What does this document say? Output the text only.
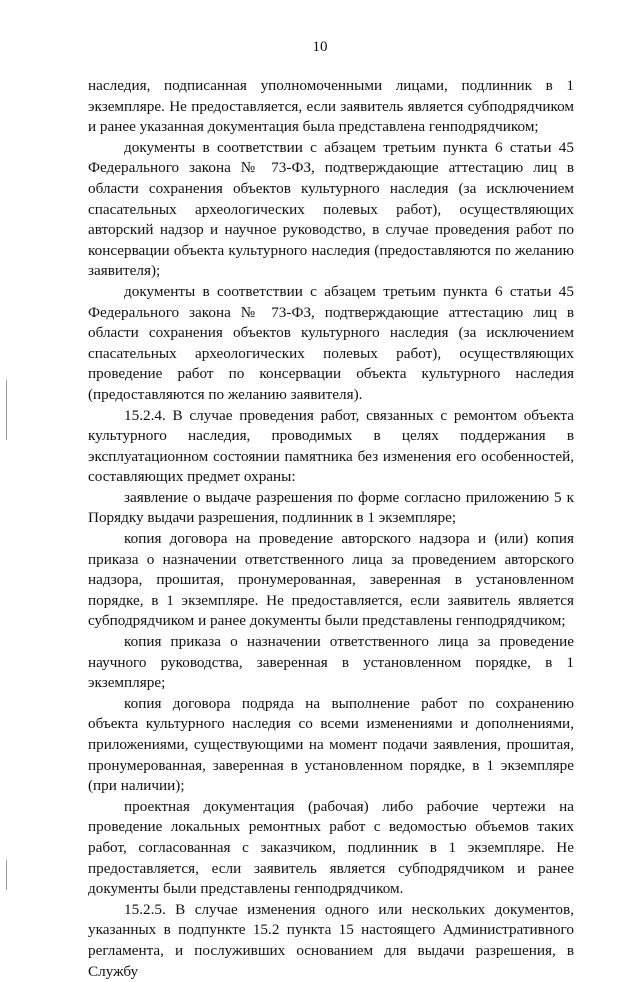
10

наследия, подписанная уполномоченными лицами, подлинник в 1 экземпляре. Не предоставляется, если заявитель является субподрядчиком и ранее указанная документация была представлена генподрядчиком;

документы в соответствии с абзацем третьим пункта 6 статьи 45 Федерального закона № 73-ФЗ, подтверждающие аттестацию лиц в области сохранения объектов культурного наследия (за исключением спасательных археологических полевых работ), осуществляющих авторский надзор и научное руководство, в случае проведения работ по консервации объекта культурного наследия (предоставляются по желанию заявителя);

документы в соответствии с абзацем третьим пункта 6 статьи 45 Федерального закона № 73-ФЗ, подтверждающие аттестацию лиц в области сохранения объектов культурного наследия (за исключением спасательных археологических полевых работ), осуществляющих проведение работ по консервации объекта культурного наследия (предоставляются по желанию заявителя).

15.2.4. В случае проведения работ, связанных с ремонтом объекта культурного наследия, проводимых в целях поддержания в эксплуатационном состоянии памятника без изменения его особенностей, составляющих предмет охраны:

заявление о выдаче разрешения по форме согласно приложению 5 к Порядку выдачи разрешения, подлинник в 1 экземпляре;

копия договора на проведение авторского надзора и (или) копия приказа о назначении ответственного лица за проведением авторского надзора, прошитая, пронумерованная, заверенная в установленном порядке, в 1 экземпляре. Не предоставляется, если заявитель является субподрядчиком и ранее документы были представлены генподрядчиком;

копия приказа о назначении ответственного лица за проведение научного руководства, заверенная в установленном порядке, в 1 экземпляре;

копия договора подряда на выполнение работ по сохранению объекта культурного наследия со всеми изменениями и дополнениями, приложениями, существующими на момент подачи заявления, прошитая, пронумерованная, заверенная в установленном порядке, в 1 экземпляре (при наличии);

проектная документация (рабочая) либо рабочие чертежи на проведение локальных ремонтных работ с ведомостью объемов таких работ, согласованная с заказчиком, подлинник в 1 экземпляре. Не предоставляется, если заявитель является субподрядчиком и ранее документы были представлены генподрядчиком.

15.2.5. В случае изменения одного или нескольких документов, указанных в подпункте 15.2 пункта 15 настоящего Административного регламента, и послуживших основанием для выдачи разрешения, в Службу
